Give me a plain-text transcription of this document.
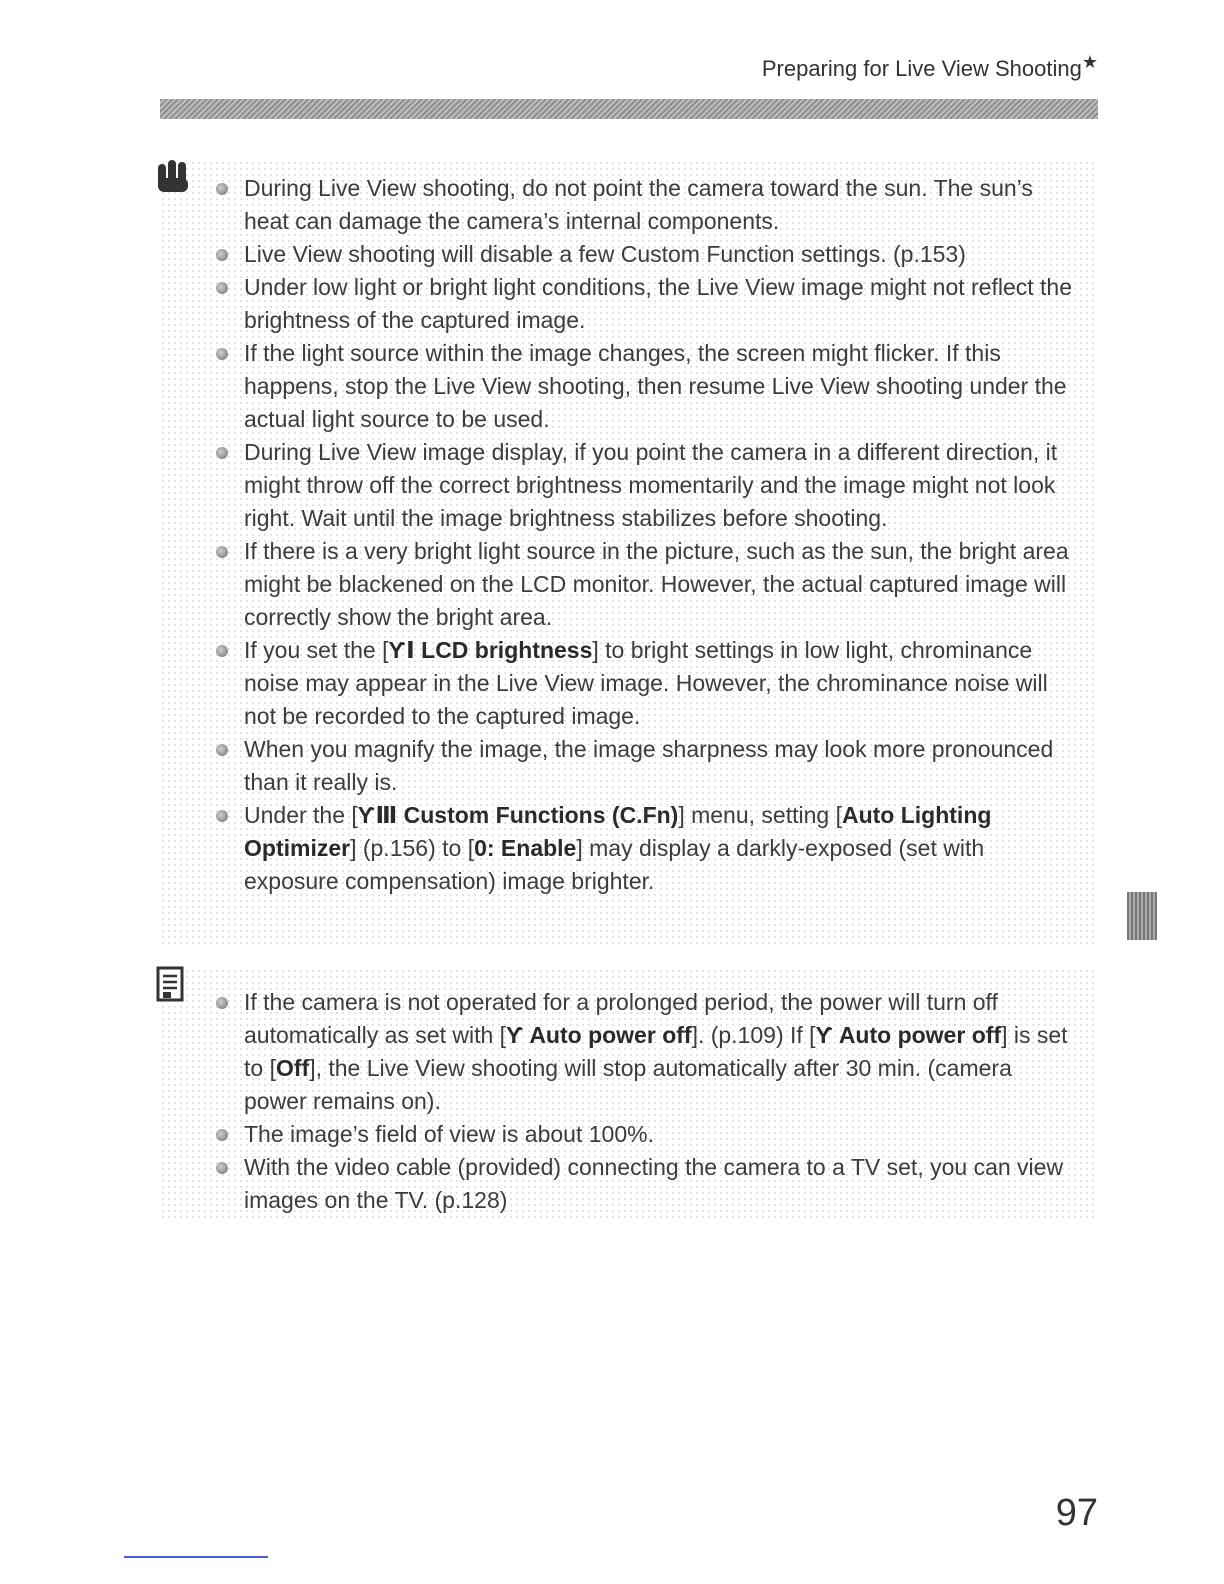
Preparing for Live View Shooting★
During Live View shooting, do not point the camera toward the sun. The sun’s heat can damage the camera’s internal components.
Live View shooting will disable a few Custom Function settings. (p.153)
Under low light or bright light conditions, the Live View image might not reflect the brightness of the captured image.
If the light source within the image changes, the screen might flicker. If this happens, stop the Live View shooting, then resume Live View shooting under the actual light source to be used.
During Live View image display, if you point the camera in a different direction, it might throw off the correct brightness momentarily and the image might not look right. Wait until the image brightness stabilizes before shooting.
If there is a very bright light source in the picture, such as the sun, the bright area might be blackened on the LCD monitor. However, the actual captured image will correctly show the bright area.
If you set the [ƳⅠ LCD brightness] to bright settings in low light, chrominance noise may appear in the Live View image. However, the chrominance noise will not be recorded to the captured image.
When you magnify the image, the image sharpness may look more pronounced than it really is.
Under the [ƳⅢ Custom Functions (C.Fn)] menu, setting [Auto Lighting Optimizer] (p.156) to [0: Enable] may display a darkly-exposed (set with exposure compensation) image brighter.
If the camera is not operated for a prolonged period, the power will turn off automatically as set with [Ƴ Auto power off]. (p.109) If [Ƴ Auto power off] is set to [Off], the Live View shooting will stop automatically after 30 min. (camera power remains on).
The image’s field of view is about 100%.
With the video cable (provided) connecting the camera to a TV set, you can view images on the TV. (p.128)
97
